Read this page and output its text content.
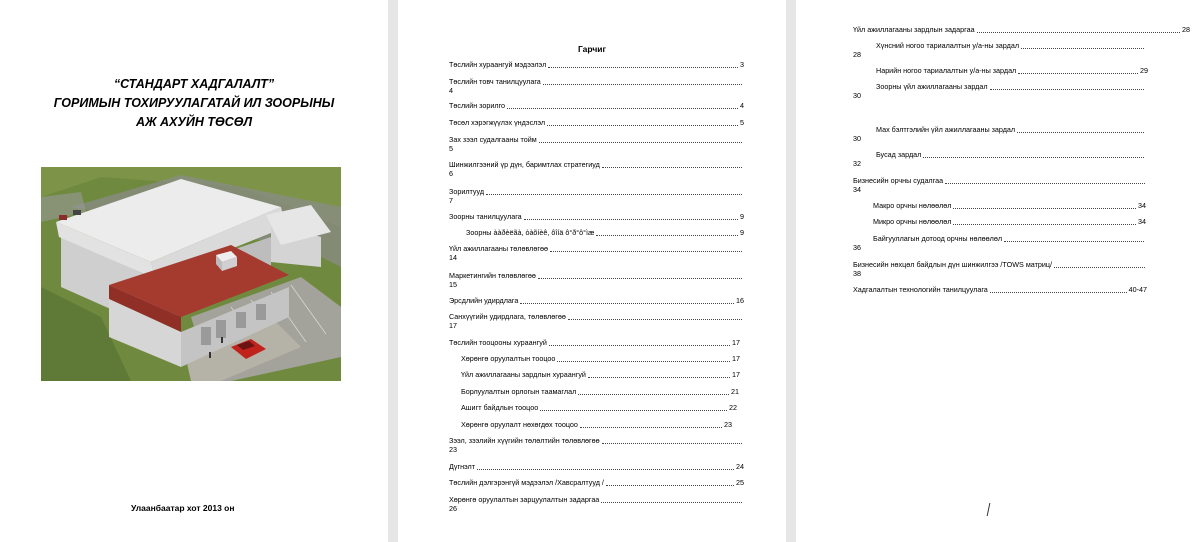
“СТАНДАРТ ХАДГАЛАЛТ”
ГОРИМЫН ТОХИРУУЛАГАТАЙ ИЛ ЗООРЫНЫ
АЖ АХУЙН ТӨСӨЛ
Улаанбаатар хот 2013 он
Гарчиг
Төслийн хураангуй мэдээлэл	3
Төслийн товч танилцуулага
4
Төслийн зорилго	4
Төсөл хэрэгжүүлэх үндэслэл	5
Зах зээл судалгааны тойм
5
Шинжилгээний үр дүн, баримтлах стратегиуд
6
Зорилтууд
7
Зоорны танилцуулага	9
Зоорны ààðèëãà, òàõíèê, ôîíä ô°ð°ô°ìæ	9
Үйл ажиллагааны төлөвлөгөө
14
Маркетингийн төлөвлөгөө
15
Эрсдлийн удирдлага	16
Санхүүгийн удирдлага, төлөвлөгөө
17
Төслийн тооцооны хураангуй	17
Хөрөнгө оруулалтын тооцоо	17
Үйл ажиллагааны зардлын хураангуй	17
Борлуулалтын орлогын таамаглал	21
Ашигт байдлын тооцоо	22
Хөрөнгө оруулалт нөхөгдөх тооцоо	23
Зээл, зээлийн хүүгийн төлөлтийн төлөвлөгөө
23
Дүгнэлт	24
Төслийн дэлгэрэнгүй мэдээлэл /Хавсралтууд /	25
Хөрөнгө оруулалтын зарцуулалтын задаргаа
26
Үйл ажиллагааны зардлын задаргаа	28
Хүнсний ногоо тариалалтын у/а-ны зардал
28
Нарийн ногоо тариалалтын у/а-ны зардал	29
Зоорны үйл ажиллагааны зардал
30
Мах бэлтгэлийн үйл ажиллагааны зардал
30
Бусад зардал
32
Бизнесийн орчны судалгаа
34
Макро орчны нөлөөлөл	34
Микро орчны нөлөөлөл	34
Байгууллагын дотоод орчны нөлөөлөл
36
Бизнесийн нөхцөл байдлын дүн шинжилгээ /TOWS матриц/
38
Хадгалалтын технологийн танилцуулага	40-47
